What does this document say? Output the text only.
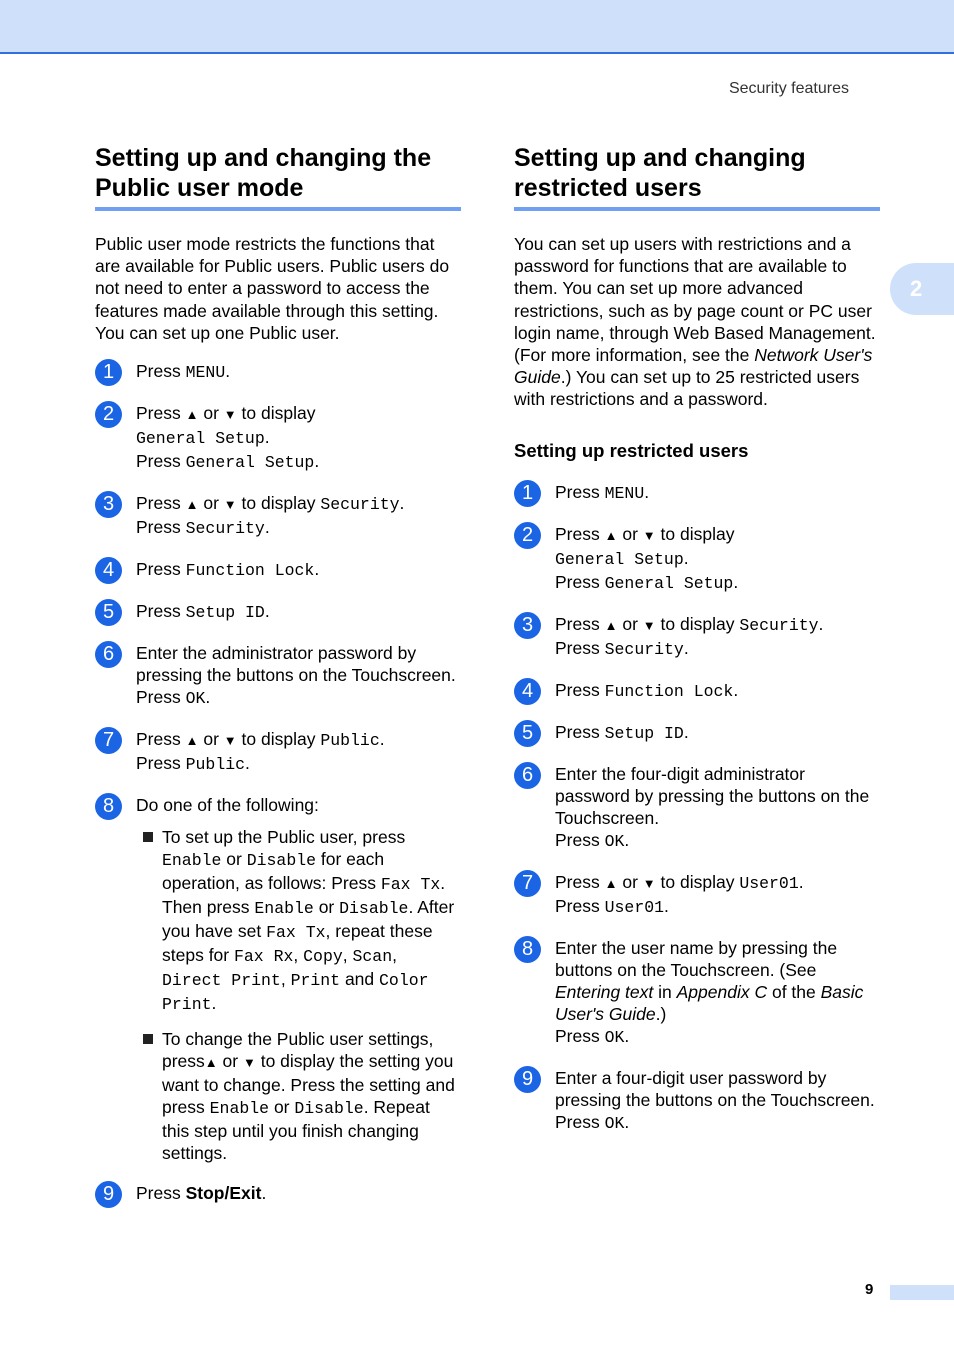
Security features
2
Setting up and changing the
Public user mode

Public user mode restricts the functions that are available for Public users. Public users do not need to enter a password to access the features made available through this setting. You can set up one Public user.

1	Press MENU.
2	Press ▲ or ▼ to display
General Setup.
Press General Setup.
3	Press ▲ or ▼ to display Security.
Press Security.
4	Press Function Lock.
5	Press Setup ID.
6	Enter the administrator password by pressing the buttons on the Touchscreen.
Press OK.
7	Press ▲ or ▼ to display Public.
Press Public.
8	Do one of the following:
To set up the Public user, press Enable or Disable for each operation, as follows: Press Fax Tx. Then press Enable or Disable. After you have set Fax Tx, repeat these steps for Fax Rx, Copy, Scan, Direct Print, Print and Color Print.
To change the Public user settings, press▲ or ▼ to display the setting you want to change. Press the setting and press Enable or Disable. Repeat this step until you finish changing settings.
9	Press Stop/Exit.
Setting up and changing
restricted users

You can set up users with restrictions and a password for functions that are available to them. You can set up more advanced restrictions, such as by page count or PC user login name, through Web Based Management. (For more information, see the Network User's Guide.) You can set up to 25 restricted users with restrictions and a password.

Setting up restricted users
1	Press MENU.
2	Press ▲ or ▼ to display
General Setup.
Press General Setup.
3	Press ▲ or ▼ to display Security.
Press Security.
4	Press Function Lock.
5	Press Setup ID.
6	Enter the four-digit administrator password by pressing the buttons on the Touchscreen.
Press OK.
7	Press ▲ or ▼ to display User01.
Press User01.
8	Enter the user name by pressing the buttons on the Touchscreen. (See Entering text in Appendix C of the Basic User's Guide.)
Press OK.
9	Enter a four-digit user password by pressing the buttons on the Touchscreen.
Press OK.
9
